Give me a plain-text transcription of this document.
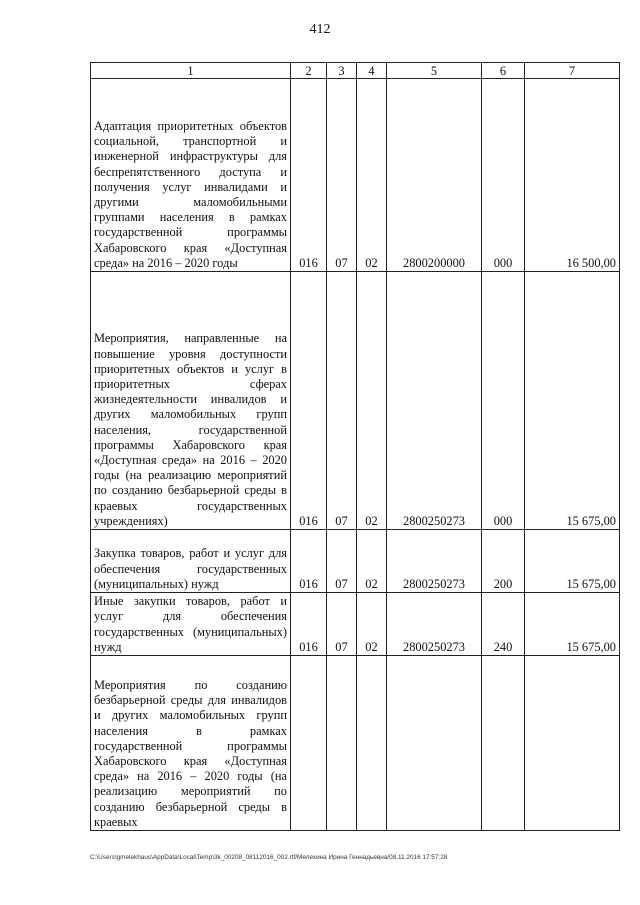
412
1	2	3	4	5	6	7
Адаптация приоритетных объектов социальной, транспортной и инженерной инфраструктуры для беспрепятственного доступа и получения услуг инвалидами и другими маломобильными группами населения в рамках государственной программы Хабаровского края «Доступная среда» на 2016 – 2020 годы	016	07	02	2800200000	000	16 500,00
Мероприятия, направленные на повышение уровня доступности приоритетных объектов и услуг в приоритетных сферах жизнедеятельности инвалидов и других маломобильных групп населения, государственной программы Хабаровского края «Доступная среда» на 2016 – 2020 годы (на реализацию мероприятий по созданию безбарьерной среды в краевых государственных учреждениях)	016	07	02	2800250273	000	15 675,00
Закупка товаров, работ и услуг для обеспечения государственных (муниципальных) нужд	016	07	02	2800250273	200	15 675,00
Иные закупки товаров, работ и услуг для обеспечения государственных (муниципальных) нужд	016	07	02	2800250273	240	15 675,00
Мероприятия по созданию безбарьерной среды для инвалидов и других маломобильных групп населения в рамках государственной программы Хабаровского края «Доступная среда» на 2016 – 2020 годы (на реализацию мероприятий по созданию безбарьерной среды в краевых						
C:\Users\gmelekhaus\AppData\Local\Temp\3k_00208_08112016_002.rtf/Мелехина Ирина Геннадьевна/08.11.2016 17:57:28
